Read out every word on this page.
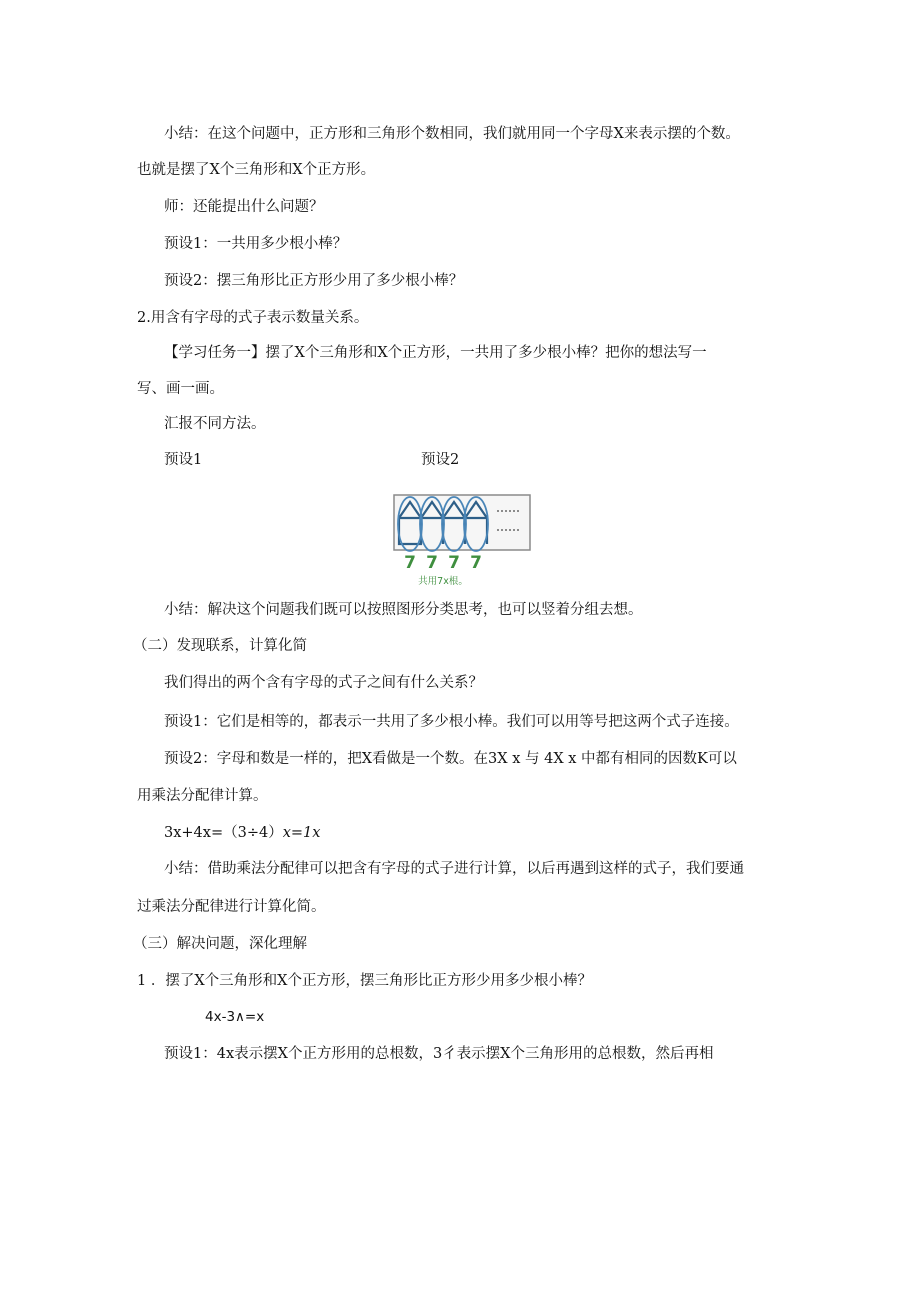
小结：在这个问题中，正方形和三角形个数相同，我们就用同一个字母X来表示摆的个数。
也就是摆了X个三角形和X个正方形。
师：还能提出什么问题？
预设1：一共用多少根小棒？
预设2：摆三角形比正方形少用了多少根小棒？
2.用含有字母的式子表示数量关系。
【学习任务一】摆了X个三角形和X个正方形，一共用了多少根小棒？把你的想法写一
写、画一画。
汇报不同方法。
预设1	预设2
7 7 7 7
共用7x根。
小结：解决这个问题我们既可以按照图形分类思考，也可以竖着分组去想。
（二）发现联系，计算化简
我们得出的两个含有字母的式子之间有什么关系？
预设1：它们是相等的，都表示一共用了多少根小棒。我们可以用等号把这两个式子连接。
预设2：字母和数是一样的，把X看做是一个数。在3X x 与 4X x 中都有相同的因数K可以
用乘法分配律计算。
3x+4x=（3÷4）x=1x
小结：借助乘法分配律可以把含有字母的式子进行计算，以后再遇到这样的式子，我们要通
过乘法分配律进行计算化简。
（三）解决问题，深化理解
1 ．摆了X个三角形和X个正方形，摆三角形比正方形少用多少根小棒？
4x-3∧=x
预设1：4x表示摆X个正方形用的总根数，3彳表示摆X个三角形用的总根数，然后再相
